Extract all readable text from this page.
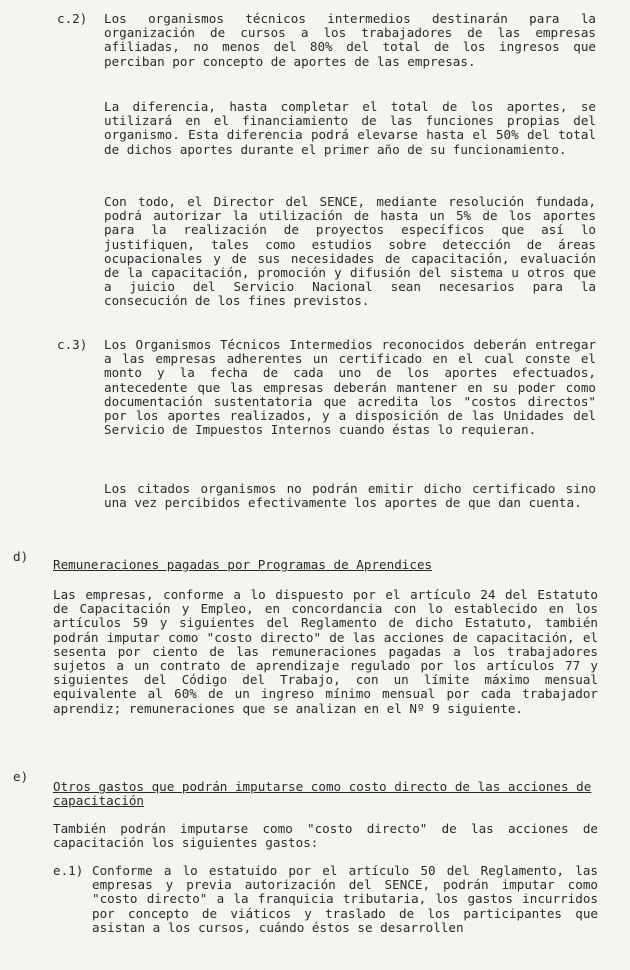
c.2) Los organismos técnicos intermedios destinarán para la organización de cursos a los trabajadores de las empresas afiliadas, no menos del 80% del total de los ingresos que perciban por concepto de aportes de las empresas.

La diferencia, hasta completar el total de los aportes, se utilizará en el financiamiento de las funciones propias del organismo. Esta diferencia podrá elevarse hasta el 50% del total de dichos aportes durante el primer año de su funcionamiento.

Con todo, el Director del SENCE, mediante resolución fundada, podrá autorizar la utilización de hasta un 5% de los aportes para la realización de proyectos específicos que así lo justifiquen, tales como estudios sobre detección de áreas ocupacionales y de sus necesidades de capacitación, evaluación de la capacitación, promoción y difusión del sistema u otros que a juicio del Servicio Nacional sean necesarios para la consecución de los fines previstos.

c.3) Los Organismos Técnicos Intermedios reconocidos deberán entregar a las empresas adherentes un certificado en el cual conste el monto y la fecha de cada uno de los aportes efectuados, antecedente que las empresas deberán mantener en su poder como documentación sustentatoria que acredita los "costos directos" por los aportes realizados, y a disposición de las Unidades del Servicio de Impuestos Internos cuando éstas lo requieran.

Los citados organismos no podrán emitir dicho certificado sino una vez percibidos efectivamente los aportes de que dan cuenta.

d)

Remuneraciones pagadas por Programas de Aprendices

Las empresas, conforme a lo dispuesto por el artículo 24 del Estatuto de Capacitación y Empleo, en concordancia con lo establecido en los artículos 59 y siguientes del Reglamento de dicho Estatuto, también podrán imputar como "costo directo" de las acciones de capacitación, el sesenta por ciento de las remuneraciones pagadas a los trabajadores sujetos a un contrato de aprendizaje regulado por los artículos 77 y siguientes del Código del Trabajo, con un límite máximo mensual equivalente al 60% de un ingreso mínimo mensual por cada trabajador aprendiz; remuneraciones que se analizan en el Nº 9 siguiente.

e)

Otros gastos que podrán imputarse como costo directo de las acciones de capacitación

También podrán imputarse como "costo directo" de las acciones de capacitación los siguientes gastos:

e.1) Conforme a lo estatuido por el artículo 50 del Reglamento, las empresas y previa autorización del SENCE, podrán imputar como "costo directo" a la franquicia tributaria, los gastos incurridos por concepto de viáticos y traslado de los participantes que asistan a los cursos, cuándo éstos se desarrollen
